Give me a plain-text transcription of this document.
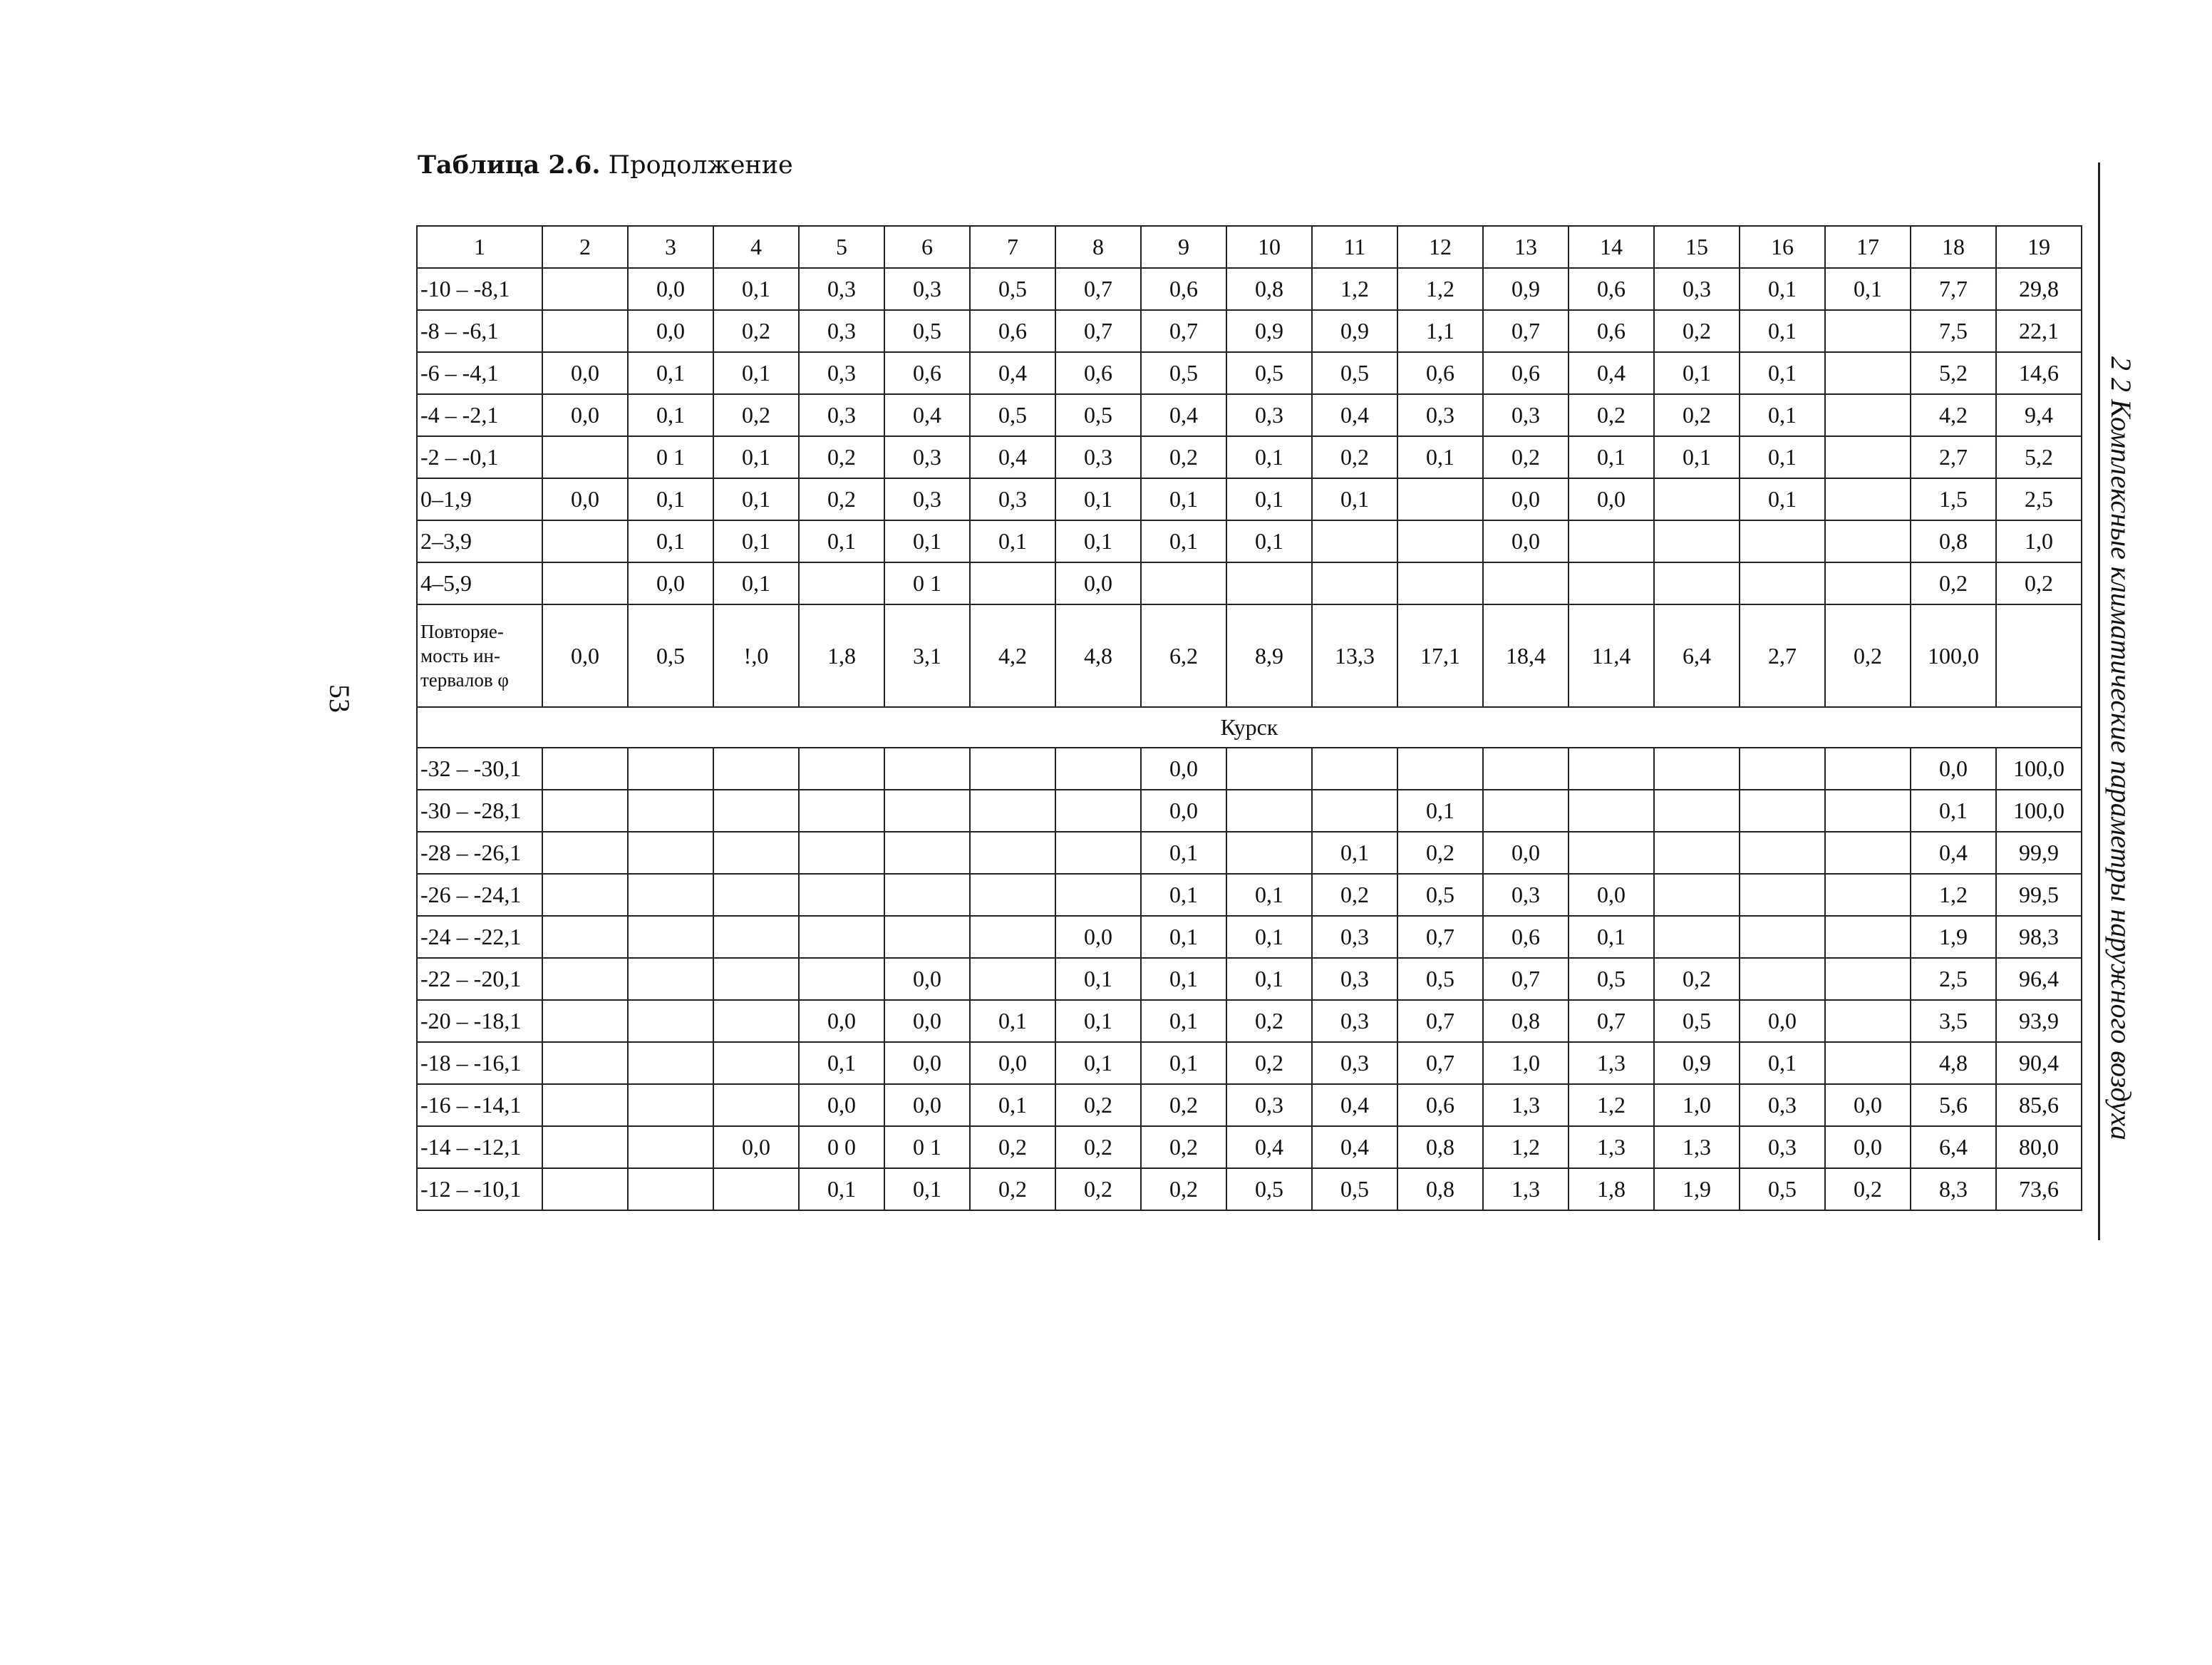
Таблица 2.6. Продолжение
53	2 2 Комплексные климатические параметры наружного воздуха
1	2	3	4	5	6	7	8	9	10	11	12	13	14	15	16	17	18	19
-10 – -8,1		0,0	0,1	0,3	0,3	0,5	0,7	0,6	0,8	1,2	1,2	0,9	0,6	0,3	0,1	0,1	7,7	29,8
-8 – -6,1		0,0	0,2	0,3	0,5	0,6	0,7	0,7	0,9	0,9	1,1	0,7	0,6	0,2	0,1		7,5	22,1
-6 – -4,1	0,0	0,1	0,1	0,3	0,6	0,4	0,6	0,5	0,5	0,5	0,6	0,6	0,4	0,1	0,1		5,2	14,6
-4 – -2,1	0,0	0,1	0,2	0,3	0,4	0,5	0,5	0,4	0,3	0,4	0,3	0,3	0,2	0,2	0,1		4,2	9,4
-2 – -0,1		0 1	0,1	0,2	0,3	0,4	0,3	0,2	0,1	0,2	0,1	0,2	0,1	0,1	0,1		2,7	5,2
0–1,9	0,0	0,1	0,1	0,2	0,3	0,3	0,1	0,1	0,1	0,1		0,0	0,0		0,1		1,5	2,5
2–3,9		0,1	0,1	0,1	0,1	0,1	0,1	0,1	0,1			0,0					0,8	1,0
4–5,9		0,0	0,1		0 1		0,0										0,2	0,2
Повторяе-мость ин-тервалов φ	0,0	0,5	!,0	1,8	3,1	4,2	4,8	6,2	8,9	13,3	17,1	18,4	11,4	6,4	2,7	0,2	100,0	
Курск																		
-32 – -30,1								0,0									0,0	100,0
-30 – -28,1								0,0			0,1						0,1	100,0
-28 – -26,1								0,1		0,1	0,2	0,0					0,4	99,9
-26 – -24,1								0,1	0,1	0,2	0,5	0,3	0,0				1,2	99,5
-24 – -22,1							0,0	0,1	0,1	0,3	0,7	0,6	0,1				1,9	98,3
-22 – -20,1					0,0		0,1	0,1	0,1	0,3	0,5	0,7	0,5	0,2			2,5	96,4
-20 – -18,1				0,0	0,0	0,1	0,1	0,1	0,2	0,3	0,7	0,8	0,7	0,5	0,0		3,5	93,9
-18 – -16,1				0,1	0,0	0,0	0,1	0,1	0,2	0,3	0,7	1,0	1,3	0,9	0,1		4,8	90,4
-16 – -14,1				0,0	0,0	0,1	0,2	0,2	0,3	0,4	0,6	1,3	1,2	1,0	0,3	0,0	5,6	85,6
-14 – -12,1			0,0	0 0	0 1	0,2	0,2	0,2	0,4	0,4	0,8	1,2	1,3	1,3	0,3	0,0	6,4	80,0
-12 – -10,1				0,1	0,1	0,2	0,2	0,2	0,5	0,5	0,8	1,3	1,8	1,9	0,5	0,2	8,3	73,6
